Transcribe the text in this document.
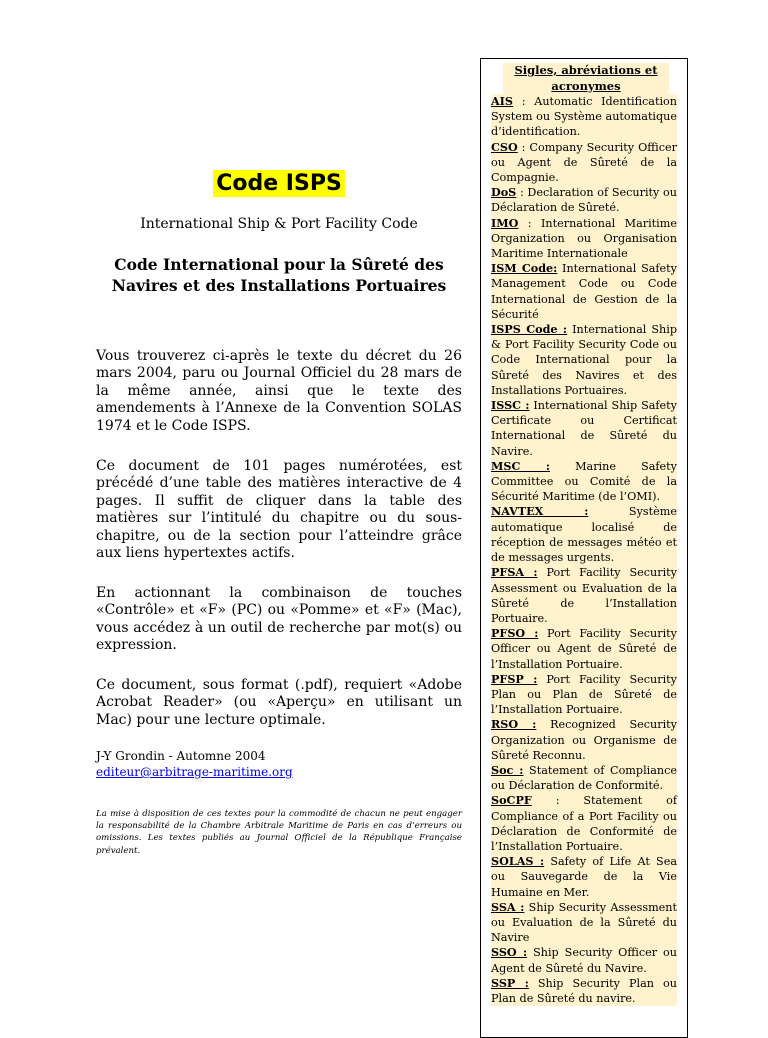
Code ISPS
International Ship & Port Facility Code
Code International pour la Sûreté des Navires et des Installations Portuaires
Vous trouverez ci-après le texte du décret du 26 mars 2004, paru ou Journal Officiel du 28 mars de la même année, ainsi que le texte des amendements à l’Annexe de la Convention SOLAS 1974 et le Code ISPS.
Ce document de 101 pages numérotées, est précédé d’une table des matières interactive de 4 pages. Il suffit de cliquer dans la table des matières sur l’intitulé du chapitre ou du sous-chapitre, ou de la section pour l’atteindre grâce aux liens hypertextes actifs.
En actionnant la combinaison de touches «Contrôle» et «F» (PC) ou «Pomme» et «F» (Mac), vous accédez à un outil de recherche par mot(s) ou expression.
Ce document, sous format (.pdf), requiert «Adobe Acrobat Reader» (ou «Aperçu» en utilisant un Mac) pour une lecture optimale.
J-Y Grondin - Automne 2004
editeur@arbitrage-maritime.org
La mise à disposition de ces textes pour la commodité de chacun ne peut engager la responsabilité de la Chambre Arbitrale Maritime de Paris en cas d’erreurs ou omissions. Les textes publiés au Journal Officiel de la République Française prévalent.
Sigles, abréviations et acronymes
AIS : Automatic Identification System ou Système automatique d’identification.
CSO : Company Security Officer ou Agent de Sûreté de la Compagnie.
DoS : Declaration of Security ou Déclaration de Sûreté.
IMO : International Maritime Organization ou Organisation Maritime Internationale
ISM Code: International Safety Management Code ou Code International de Gestion de la Sécurité
ISPS Code : International Ship & Port Facility Security Code ou Code International pour la Sûreté des Navires et des Installations Portuaires.
ISSC : International Ship Safety Certificate ou Certificat International de Sûreté du Navire.
MSC : Marine Safety Committee ou Comité de la Sécurité Maritime (de l’OMI).
NAVTEX : Système automatique localisé de réception de messages météo et de messages urgents.
PFSA : Port Facility Security Assessment ou Evaluation de la Sûreté de l’Installation Portuaire.
PFSO : Port Facility Security Officer ou Agent de Sûreté de l’Installation Portuaire.
PFSP : Port Facility Security Plan ou Plan de Sûreté de l’Installation Portuaire.
RSO : Recognized Security Organization ou Organisme de Sûreté Reconnu.
Soc : Statement of Compliance ou Déclaration de Conformité.
SoCPF : Statement of Compliance of a Port Facility ou Déclaration de Conformité de l’Installation Portuaire.
SOLAS : Safety of Life At Sea ou Sauvegarde de la Vie Humaine en Mer.
SSA : Ship Security Assessment ou Evaluation de la Sûreté du Navire
SSO : Ship Security Officer ou Agent de Sûreté du Navire.
SSP : Ship Security Plan ou Plan de Sûreté du navire.
